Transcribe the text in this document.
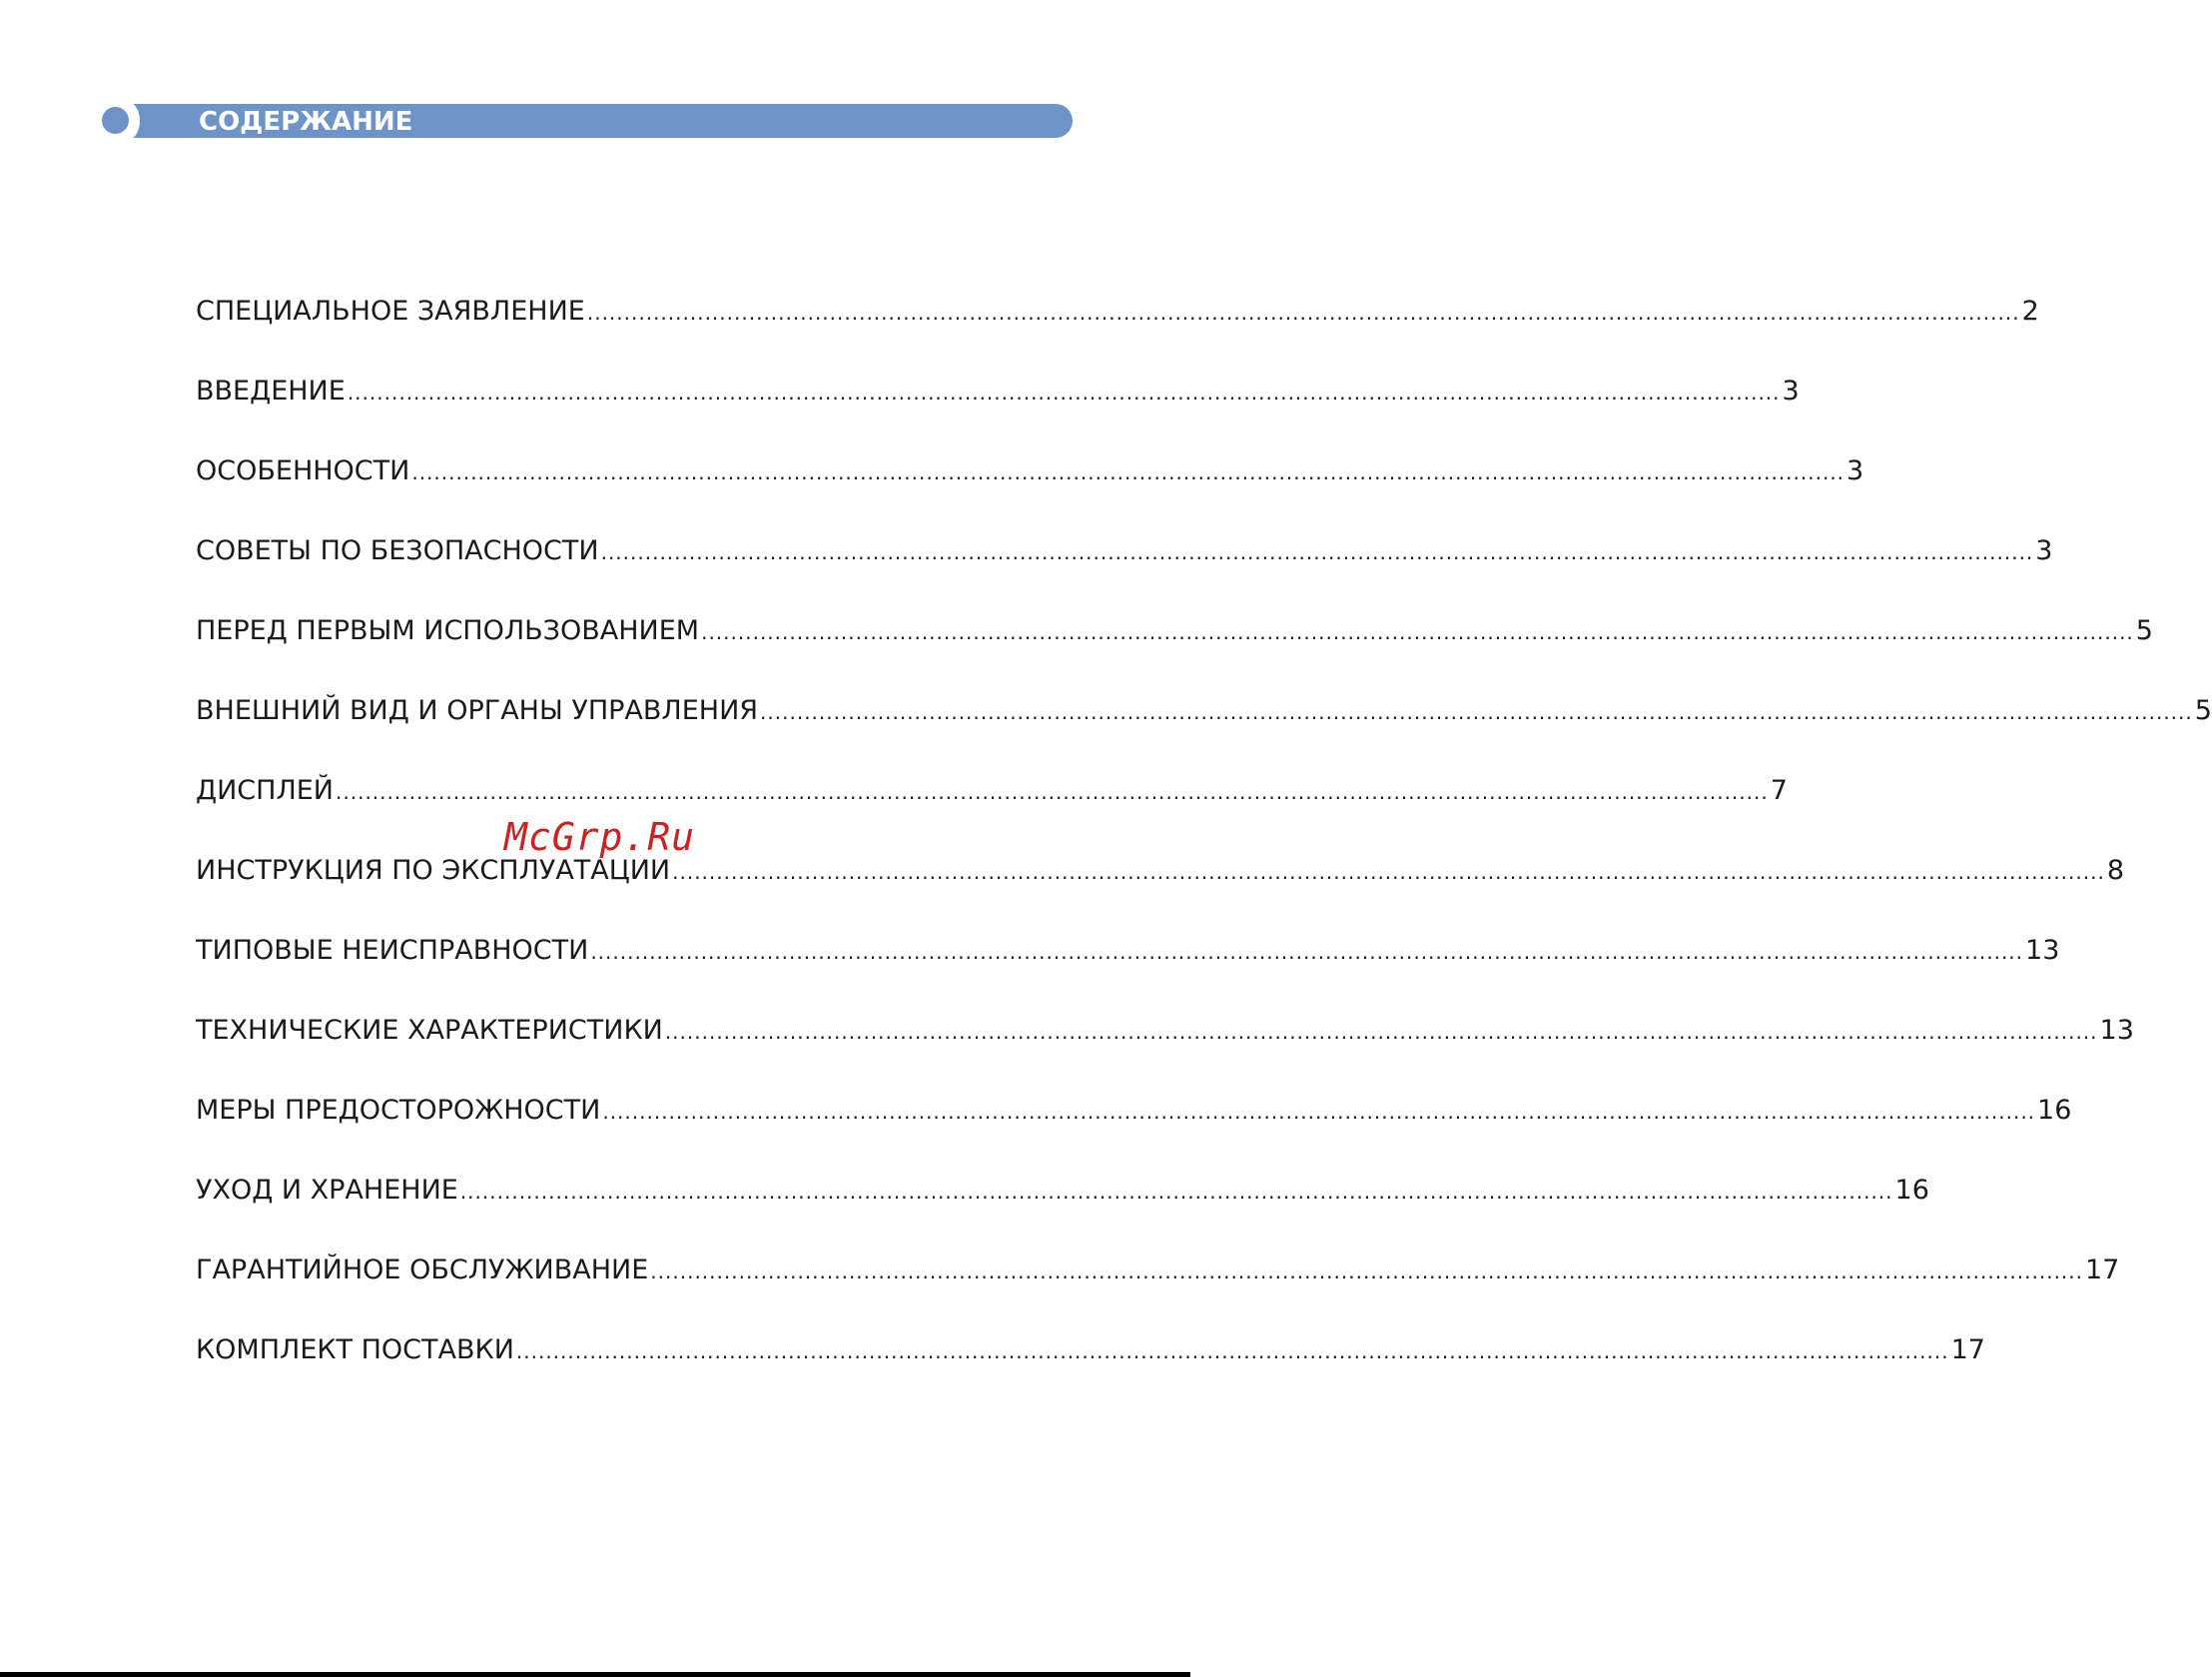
СОДЕРЖАНИЕ
СПЕЦИАЛЬНОЕ ЗАЯВЛЕНИЕ ................................................................................................................................................................................................... 2
ВВЕДЕНИЕ ................................................................................................................................................................................................... 3
ОСОБЕННОСТИ ................................................................................................................................................................................................... 3
СОВЕТЫ ПО БЕЗОПАСНОСТИ ................................................................................................................................................................................................... 3
ПЕРЕД ПЕРВЫМ ИСПОЛЬЗОВАНИЕМ ................................................................................................................................................................................................... 5
ВНЕШНИЙ ВИД И ОРГАНЫ УПРАВЛЕНИЯ ................................................................................................................................................................................................... 5
ДИСПЛЕЙ ................................................................................................................................................................................................... 7
ИНСТРУКЦИЯ ПО ЭКСПЛУАТАЦИИ ................................................................................................................................................................................................... 8
ТИПОВЫЕ НЕИСПРАВНОСТИ ................................................................................................................................................................................................... 13
ТЕХНИЧЕСКИЕ ХАРАКТЕРИСТИКИ ................................................................................................................................................................................................... 13
МЕРЫ ПРЕДОСТОРОЖНОСТИ ................................................................................................................................................................................................... 16
УХОД И ХРАНЕНИЕ ................................................................................................................................................................................................... 16
ГАРАНТИЙНОЕ ОБСЛУЖИВАНИЕ ................................................................................................................................................................................................... 17
КОМПЛЕКТ ПОСТАВКИ ................................................................................................................................................................................................... 17
McGrp.Ru
